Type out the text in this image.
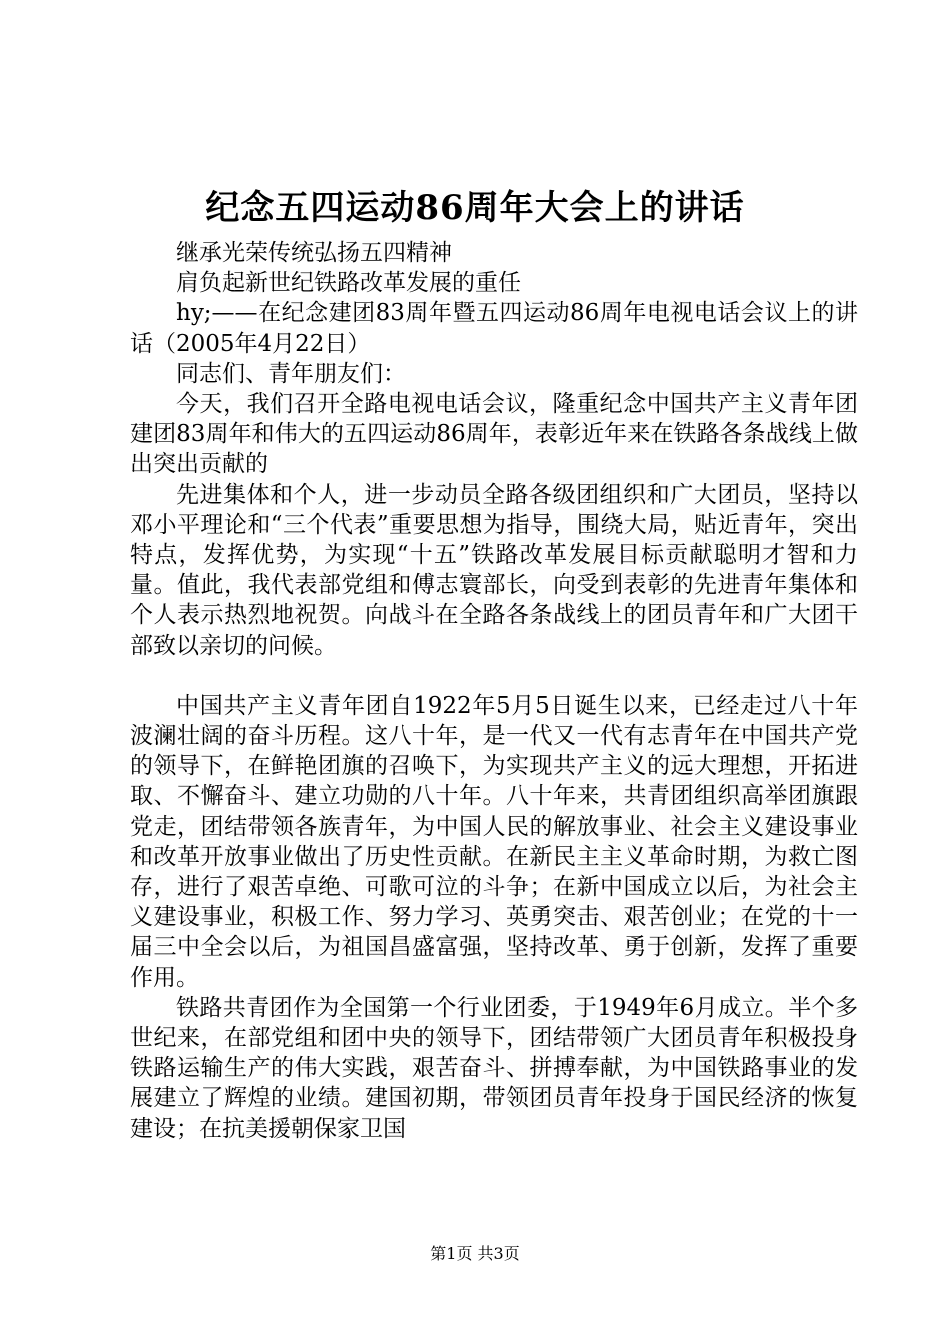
纪念五四运动86周年大会上的讲话

继承光荣传统弘扬五四精神

肩负起新世纪铁路改革发展的重任

hy;——在纪念建团83周年暨五四运动86周年电视电话会议上的讲话（2005年4月22日）

同志们、青年朋友们：

今天，我们召开全路电视电话会议，隆重纪念中国共产主义青年团建团83周年和伟大的五四运动86周年，表彰近年来在铁路各条战线上做出突出贡献的

先进集体和个人，进一步动员全路各级团组织和广大团员，坚持以邓小平理论和“三个代表”重要思想为指导，围绕大局，贴近青年，突出特点，发挥优势，为实现“十五”铁路改革发展目标贡献聪明才智和力量。值此，我代表部党组和傅志寰部长，向受到表彰的先进青年集体和个人表示热烈地祝贺。向战斗在全路各条战线上的团员青年和广大团干部致以亲切的问候。

中国共产主义青年团自1922年5月5日诞生以来，已经走过八十年波澜壮阔的奋斗历程。这八十年，是一代又一代有志青年在中国共产党的领导下，在鲜艳团旗的召唤下，为实现共产主义的远大理想，开拓进取、不懈奋斗、建立功勋的八十年。八十年来，共青团组织高举团旗跟党走，团结带领各族青年，为中国人民的解放事业、社会主义建设事业和改革开放事业做出了历史性贡献。在新民主主义革命时期，为救亡图存，进行了艰苦卓绝、可歌可泣的斗争；在新中国成立以后，为社会主义建设事业，积极工作、努力学习、英勇突击、艰苦创业；在党的十一届三中全会以后，为祖国昌盛富强，坚持改革、勇于创新，发挥了重要作用。

铁路共青团作为全国第一个行业团委，于1949年6月成立。半个多世纪来，在部党组和团中央的领导下，团结带领广大团员青年积极投身铁路运输生产的伟大实践，艰苦奋斗、拼搏奉献，为中国铁路事业的发展建立了辉煌的业绩。建国初期，带领团员青年投身于国民经济的恢复建设；在抗美援朝保家卫国

第1页 共3页
